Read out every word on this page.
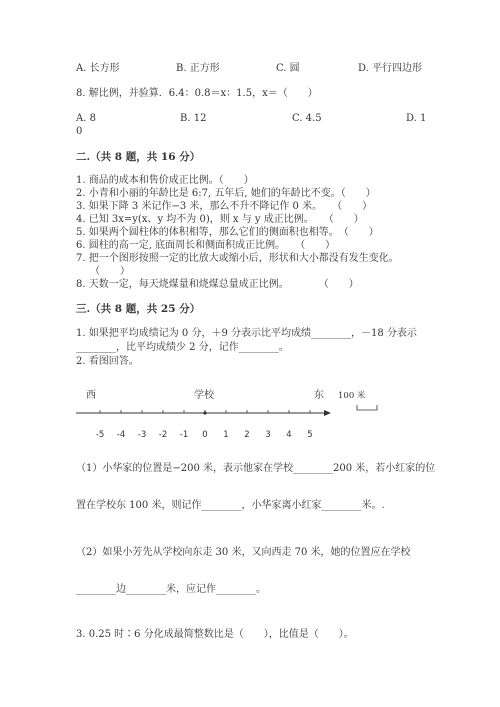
A. 长方形	B. 正方形	C. 圆	D. 平行四边形
8. 解比例，并验算．6.4：0.8＝x：1.5，x＝（　　）
A. 8	B. 12	C. 4.5	D. 1
0
二.（共 8 题，共 16 分）
1. 商品的成本和售价成正比例。（　　）
2. 小青和小丽的年龄比是 6:7, 五年后, 她们的年龄比不变。（　　）
3. 如果下降 3 米记作−3 米，那么不升不降记作 0 米。　　（　　）
4. 已知 3x=y(x、y 均不为 0)，则 x 与 y 成正比例。　　（　　）
5. 如果两个圆柱体的体积相等，那么它们的侧面积也相等。　（　　）
6. 圆柱的高一定, 底面周长和侧面积成正比例。　　（　　）
7. 把一个图形按照一定的比放大或缩小后，形状和大小都没有发生变化。
（　　）
8. 天数一定，每天烧煤量和烧煤总量成正比例。　　　　（　　）
三.（共 8 题，共 25 分）
1. 如果把平均成绩记为 0 分，＋9 分表示比平均成绩________，－18 分表示
________，比平均成绩少 2 分，记作________。
2. 看图回答。
西	学校	东 100 米
-5 -4 -3 -2 -1 0 1 2 3 4 5
（1）小华家的位置是−200 米，表示他家在学校________200 米，若小红家的位
置在学校东 100 米，则记作________，小华家离小红家________米。.
（2）如果小芳先从学校向东走 30 米，又向西走 70 米，她的位置应在学校
________边________米，应记作________。
3. 0.25 时∶6 分化成最简整数比是（　　），比值是（　　）。
